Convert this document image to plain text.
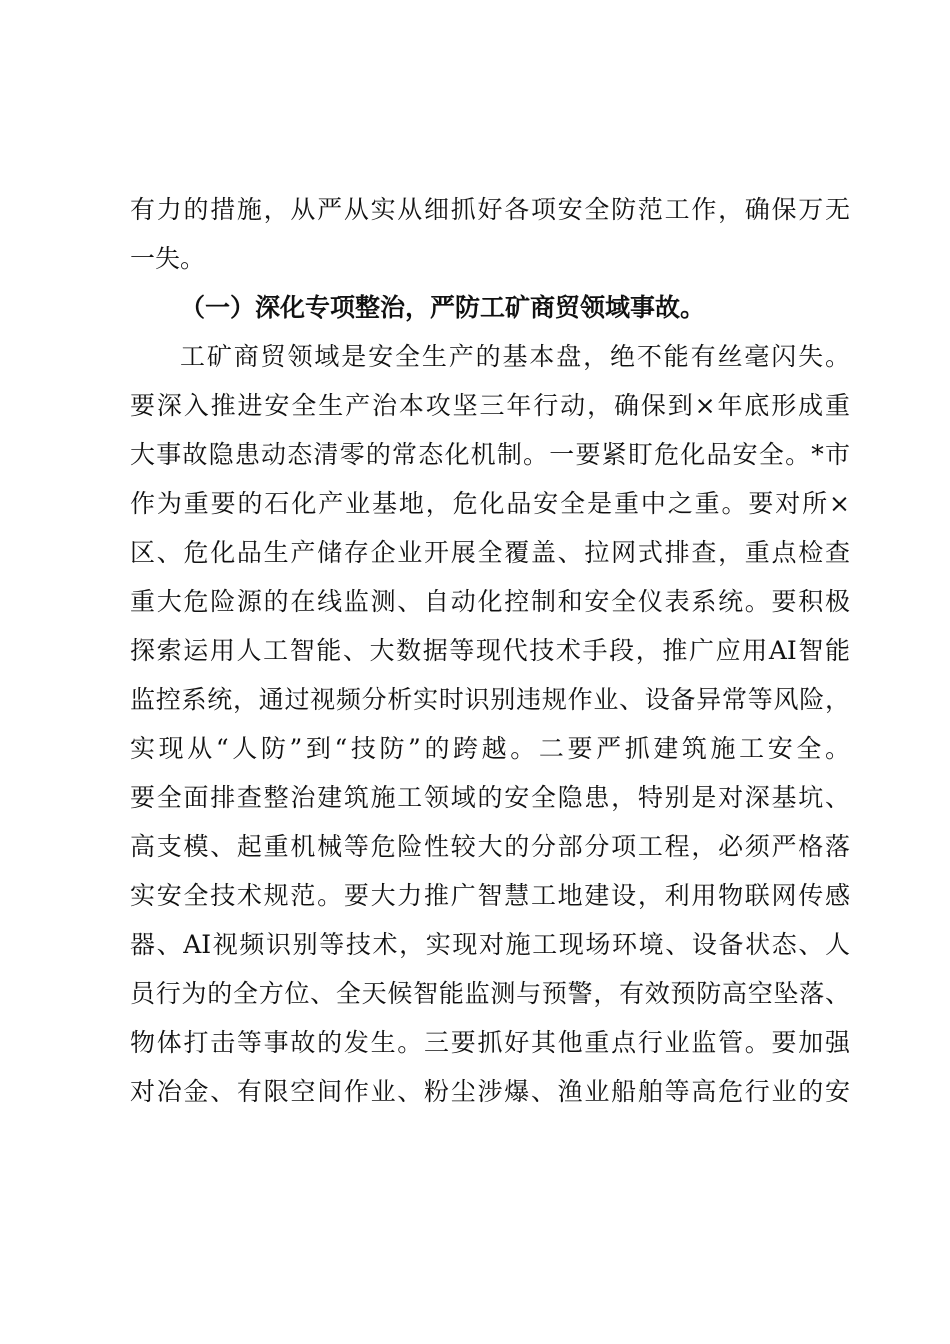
有力的措施，从严从实从细抓好各项安全防范工作，确保万无
一失。
（一）深化专项整治，严防工矿商贸领域事故。
工矿商贸领域是安全生产的基本盘，绝不能有丝毫闪失。
要深入推进安全生产治本攻坚三年行动，确保到×年底形成重
大事故隐患动态清零的常态化机制。一要紧盯危化品安全。*市
作为重要的石化产业基地，危化品安全是重中之重。要对所×
区、危化品生产储存企业开展全覆盖、拉网式排查，重点检查
重大危险源的在线监测、自动化控制和安全仪表系统。要积极
探索运用人工智能、大数据等现代技术手段，推广应用AI智能
监控系统，通过视频分析实时识别违规作业、设备异常等风险，
实现从“人防”到“技防”的跨越。二要严抓建筑施工安全。
要全面排查整治建筑施工领域的安全隐患，特别是对深基坑、
高支模、起重机械等危险性较大的分部分项工程，必须严格落
实安全技术规范。要大力推广智慧工地建设，利用物联网传感
器、AI视频识别等技术，实现对施工现场环境、设备状态、人
员行为的全方位、全天候智能监测与预警，有效预防高空坠落、
物体打击等事故的发生。三要抓好其他重点行业监管。要加强
对冶金、有限空间作业、粉尘涉爆、渔业船舶等高危行业的安
